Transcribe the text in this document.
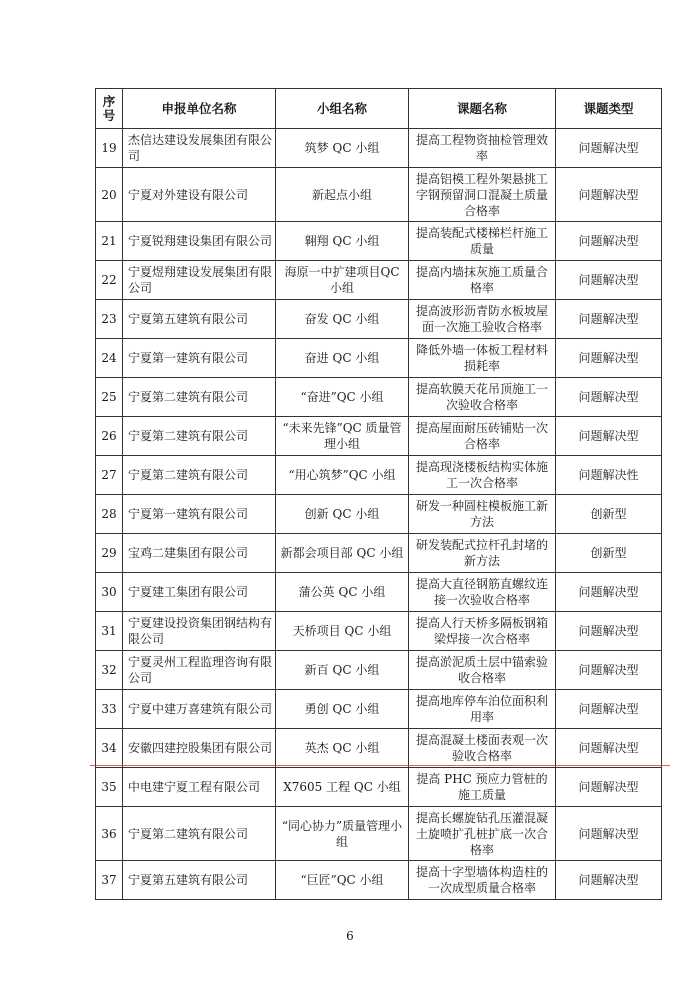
序号	申报单位名称	小组名称	课题名称	课题类型
19	杰信达建设发展集团有限公司	筑梦 QC 小组	提高工程物资抽检管理效率	问题解决型
20	宁夏对外建设有限公司	新起点小组	提高铝模工程外架悬挑工字钢预留洞口混凝土质量合格率	问题解决型
21	宁夏锐翔建设集团有限公司	翱翔 QC 小组	提高装配式楼梯栏杆施工质量	问题解决型
22	宁夏煜翔建设发展集团有限公司	海原一中扩建项目QC 小组	提高内墙抹灰施工质量合格率	问题解决型
23	宁夏第五建筑有限公司	奋发 QC 小组	提高波形沥青防水板坡屋面一次施工验收合格率	问题解决型
24	宁夏第一建筑有限公司	奋进 QC 小组	降低外墙一体板工程材料损耗率	问题解决型
25	宁夏第二建筑有限公司	“奋进”QC 小组	提高软膜天花吊顶施工一次验收合格率	问题解决型
26	宁夏第二建筑有限公司	“未来先锋”QC 质量管理小组	提高屋面耐压砖铺贴一次合格率	问题解决型
27	宁夏第二建筑有限公司	“用心筑梦”QC 小组	提高现浇楼板结构实体施工一次合格率	问题解决性
28	宁夏第一建筑有限公司	创新 QC 小组	研发一种圆柱模板施工新方法	创新型
29	宝鸡二建集团有限公司	新都会项目部 QC 小组	研发装配式拉杆孔封堵的新方法	创新型
30	宁夏建工集团有限公司	蒲公英 QC 小组	提高大直径钢筋直螺纹连接一次验收合格率	问题解决型
31	宁夏建设投资集团钢结构有限公司	天桥项目 QC 小组	提高人行天桥多隔板钢箱梁焊接一次合格率	问题解决型
32	宁夏灵州工程监理咨询有限公司	新百 QC 小组	提高淤泥质土层中锚索验收合格率	问题解决型
33	宁夏中建万喜建筑有限公司	勇创 QC 小组	提高地库停车泊位面积利用率	问题解决型
34	安徽四建控股集团有限公司	英杰 QC 小组	提高混凝土楼面表观一次验收合格率	问题解决型
35	中电建宁夏工程有限公司	X7605 工程 QC 小组	提高 PHC 预应力管桩的施工质量	问题解决型
36	宁夏第二建筑有限公司	“同心协力”质量管理小组	提高长螺旋钻孔压灌混凝土旋喷扩孔桩扩底一次合格率	问题解决型
37	宁夏第五建筑有限公司	“巨匠”QC 小组	提高十字型墙体构造柱的一次成型质量合格率	问题解决型
6
